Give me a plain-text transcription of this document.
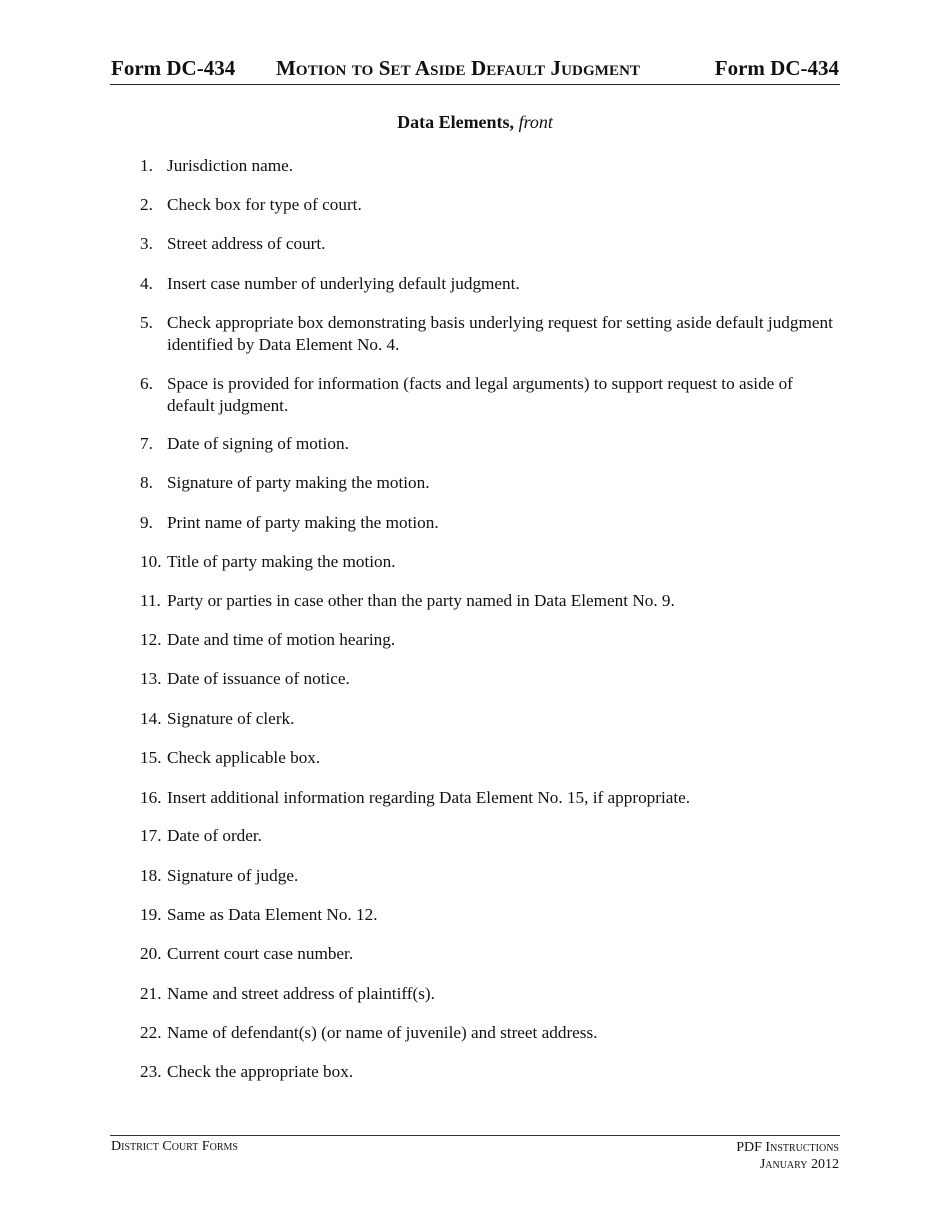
Form DC-434 Motion to Set Aside Default Judgment	Form DC-434
Data Elements, front
1. Jurisdiction name.
2. Check box for type of court.
3. Street address of court.
4. Insert case number of underlying default judgment.
5. Check appropriate box demonstrating basis underlying request for setting aside default judgment identified by Data Element No. 4.
6. Space is provided for information (facts and legal arguments) to support request to aside of default judgment.
7. Date of signing of motion.
8. Signature of party making the motion.
9. Print name of party making the motion.
10. Title of party making the motion.
11. Party or parties in case other than the party named in Data Element No. 9.
12. Date and time of motion hearing.
13. Date of issuance of notice.
14. Signature of clerk.
15. Check applicable box.
16. Insert additional information regarding Data Element No. 15, if appropriate.
17. Date of order.
18. Signature of judge.
19. Same as Data Element No. 12.
20. Current court case number.
21. Name and street address of plaintiff(s).
22. Name of defendant(s) (or name of juvenile) and street address.
23. Check the appropriate box.
District Court Forms	PDF Instructions
January 2012
